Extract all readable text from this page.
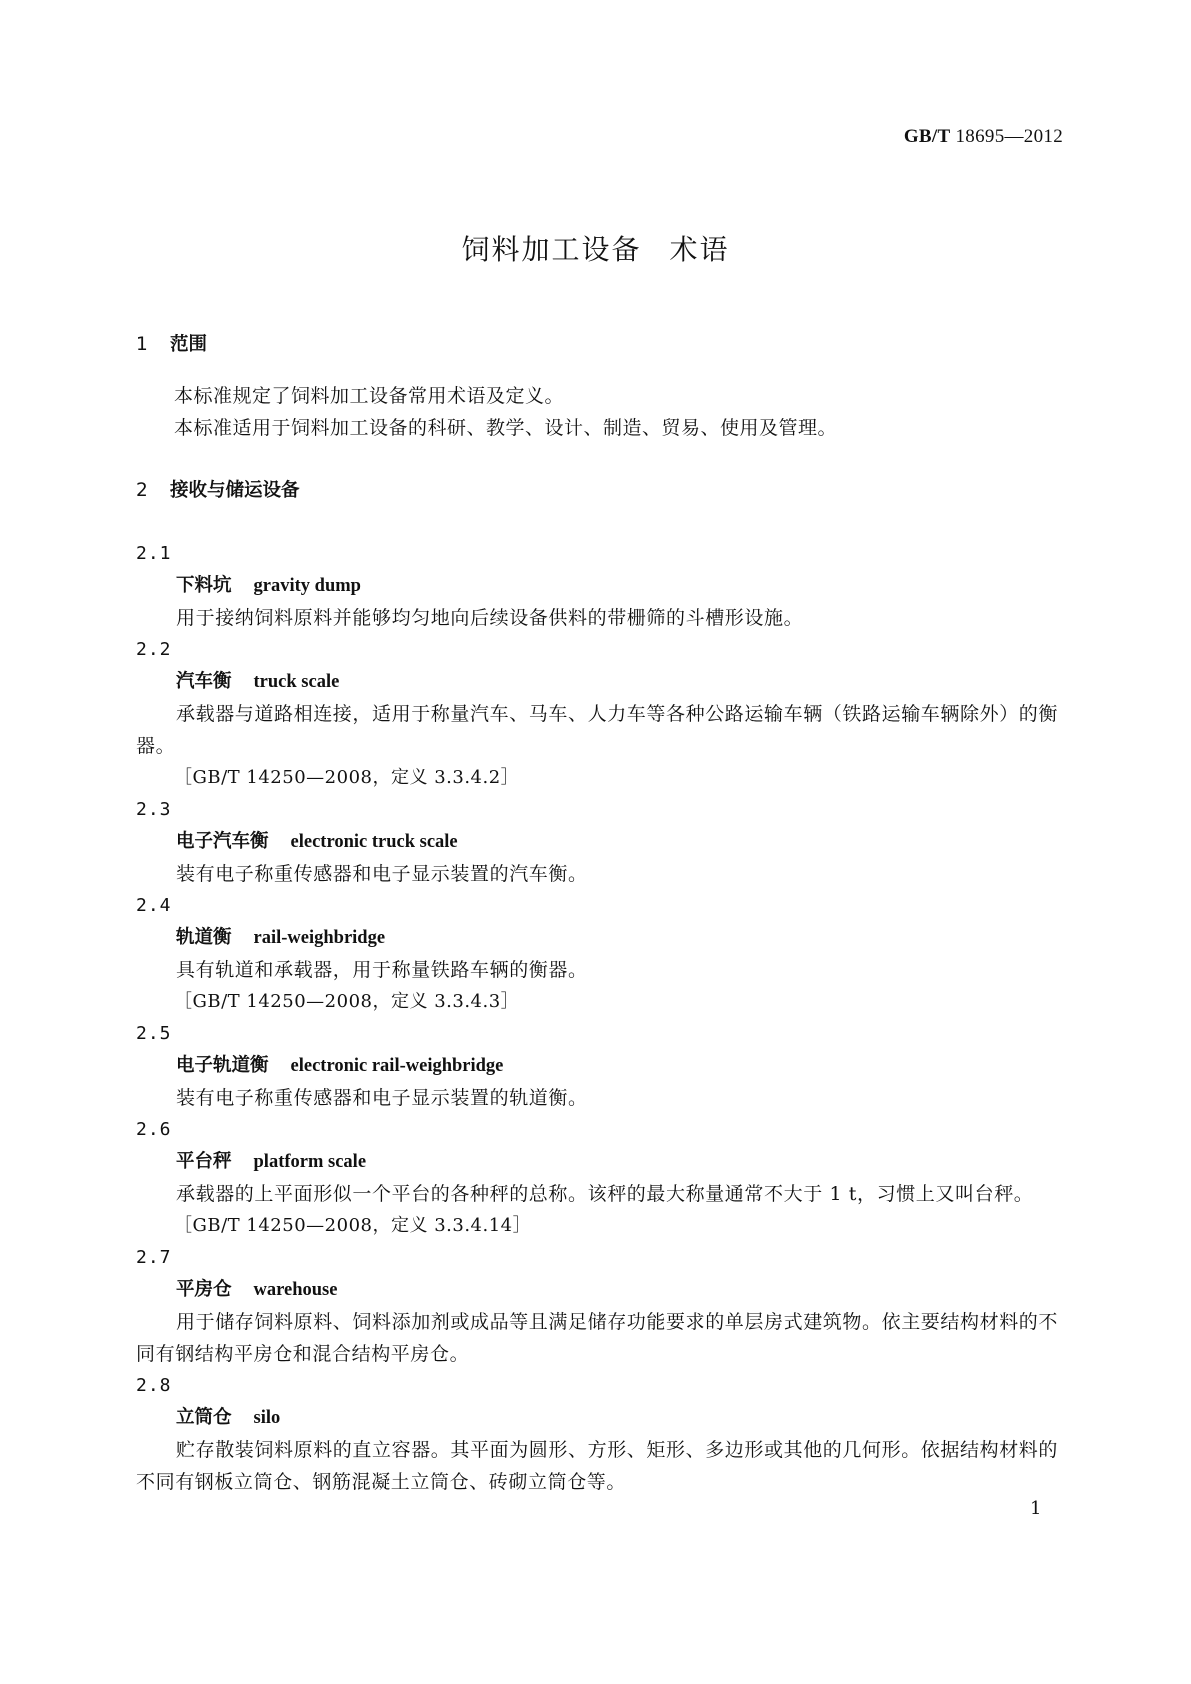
GB/T 18695—2012
饲料加工设备 术语
1 范围
本标准规定了饲料加工设备常用术语及定义。
本标准适用于饲料加工设备的科研、教学、设计、制造、贸易、使用及管理。
2 接收与储运设备
2.1
下料坑 gravity dump
用于接纳饲料原料并能够均匀地向后续设备供料的带栅筛的斗槽形设施。
2.2
汽车衡 truck scale
承载器与道路相连接，适用于称量汽车、马车、人力车等各种公路运输车辆（铁路运输车辆除外）的衡器。
［GB/T 14250—2008，定义 3.3.4.2］
2.3
电子汽车衡 electronic truck scale
装有电子称重传感器和电子显示装置的汽车衡。
2.4
轨道衡 rail-weighbridge
具有轨道和承载器，用于称量铁路车辆的衡器。
［GB/T 14250—2008，定义 3.3.4.3］
2.5
电子轨道衡 electronic rail-weighbridge
装有电子称重传感器和电子显示装置的轨道衡。
2.6
平台秤 platform scale
承载器的上平面形似一个平台的各种秤的总称。该秤的最大称量通常不大于 1 t，习惯上又叫台秤。
［GB/T 14250—2008，定义 3.3.4.14］
2.7
平房仓 warehouse
用于储存饲料原料、饲料添加剂或成品等且满足储存功能要求的单层房式建筑物。依主要结构材料的不同有钢结构平房仓和混合结构平房仓。
2.8
立筒仓 silo
贮存散装饲料原料的直立容器。其平面为圆形、方形、矩形、多边形或其他的几何形。依据结构材料的不同有钢板立筒仓、钢筋混凝土立筒仓、砖砌立筒仓等。
1
